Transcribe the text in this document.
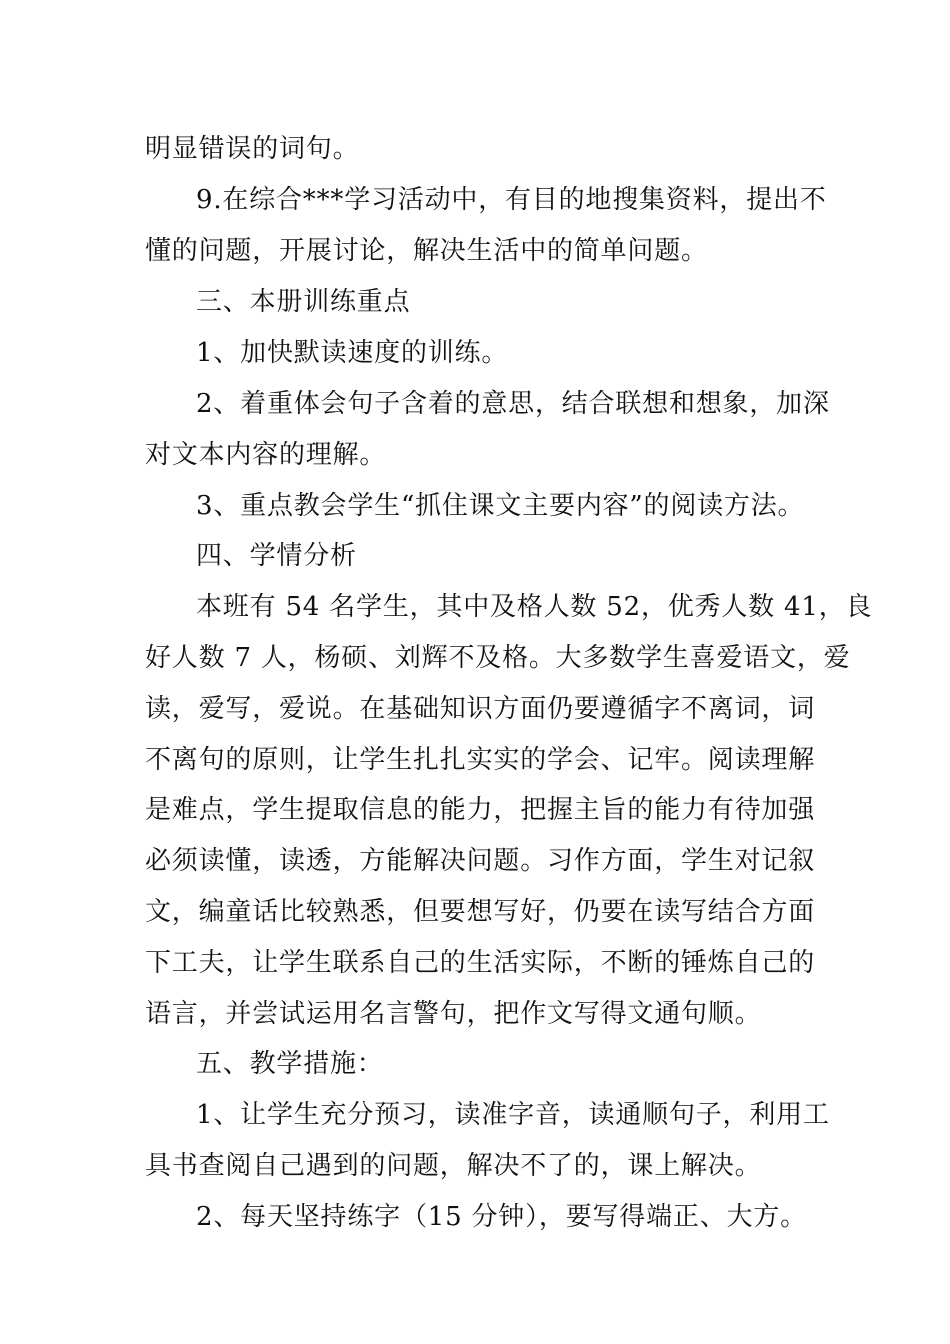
明显错误的词句。
9.在综合***学习活动中，有目的地搜集资料，提出不
懂的问题，开展讨论，解决生活中的简单问题。
三、本册训练重点
1、加快默读速度的训练。
2、着重体会句子含着的意思，结合联想和想象，加深
对文本内容的理解。
3、重点教会学生“抓住课文主要内容”的阅读方法。
四、学情分析
本班有 54 名学生，其中及格人数 52，优秀人数 41，良
好人数 7 人，杨硕、刘辉不及格。大多数学生喜爱语文，爱
读，爱写，爱说。在基础知识方面仍要遵循字不离词，词
不离句的原则，让学生扎扎实实的学会、记牢。阅读理解
是难点，学生提取信息的能力，把握主旨的能力有待加强
必须读懂，读透，方能解决问题。习作方面，学生对记叙
文，编童话比较熟悉，但要想写好，仍要在读写结合方面
下工夫，让学生联系自己的生活实际，不断的锤炼自己的
语言，并尝试运用名言警句，把作文写得文通句顺。
五、教学措施：
1、让学生充分预习，读准字音，读通顺句子，利用工
具书查阅自己遇到的问题，解决不了的，课上解决。
2、每天坚持练字（15 分钟），要写得端正、大方。
